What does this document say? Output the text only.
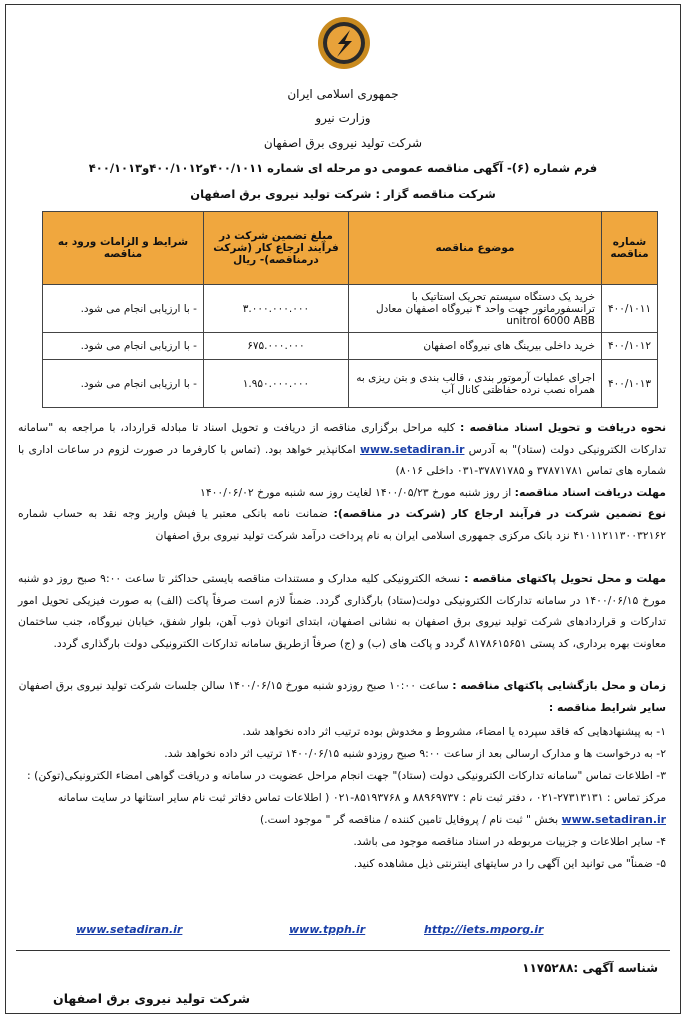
جمهوری اسلامی ایران
وزارت نیرو
شرکت تولید نیروی برق اصفهان
فرم شماره (۶)- آگهی مناقصه عمومی دو مرحله ای شماره ۴۰۰/۱۰۱۱و۴۰۰/۱۰۱۲و۴۰۰/۱۰۱۳
شرکت مناقصه گزار : شرکت تولید نیروی برق اصفهان
شماره مناقصه	موضوع مناقصه	مبلغ تضمین شرکت در فرآیند ارجاع کار (شرکت درمناقصه)- ریال	شرایط و الزامات ورود به مناقصه
۴۰۰/۱۰۱۱	خرید یک دستگاه سیستم تحریک استاتیک با ترانسفورماتور جهت واحد ۴ نیروگاه اصفهان معادل unitrol 6000 ABB	۳.۰۰۰.۰۰۰.۰۰۰	- با ارزیابی انجام می شود.
۴۰۰/۱۰۱۲	خرید داخلی بیرینگ های نیروگاه اصفهان	۶۷۵.۰۰۰.۰۰۰	- با ارزیابی انجام می شود.
۴۰۰/۱۰۱۳	اجرای عملیات آرموتور بندی ، قالب بندی و بتن ریزی به همراه نصب نرده حفاظتی کانال آب	۱.۹۵۰.۰۰۰.۰۰۰	- با ارزیابی انجام می شود.
نحوه دریافت و تحویل اسناد مناقصه : کلیه مراحل برگزاری مناقصه از دریافت و تحویل اسناد تا مبادله قرارداد، با مراجعه به "سامانه تدارکات الکترونیکی دولت (ستاد)" به آدرس www.setadiran.ir امکانپذیر خواهد بود. (تماس با کارفرما در صورت لزوم در ساعات اداری با شماره های تماس ۳۷۸۷۱۷۸۱ و ۳۷۸۷۱۷۸۵-۰۳۱ داخلی ۸۰۱۶)
مهلت دریافت اسناد مناقصه: از روز شنبه مورخ ۱۴۰۰/۰۵/۲۳ لغایت روز سه شنبه مورخ ۱۴۰۰/۰۶/۰۲
نوع تضمین شرکت در فرآیند ارجاع کار (شرکت در مناقصه): ضمانت نامه بانکی معتبر یا فیش واریز وجه نقد به حساب شماره ۴۱۰۱۱۲۱۱۳۰۰۳۲۱۶۲ نزد بانک مرکزی جمهوری اسلامی ایران به نام پرداخت درآمد شرکت تولید نیروی برق اصفهان
مهلت و محل تحویل پاکتهای مناقصه : نسخه الکترونیکی کلیه مدارک و مستندات مناقصه بایستی حداکثر تا ساعت ۹:۰۰ صبح روز دو شنبه مورخ ۱۴۰۰/۰۶/۱۵ در سامانه تدارکات الکترونیکی دولت(ستاد) بارگذاری گردد. ضمناً لازم است صرفاً پاکت (الف) به صورت فیزیکی تحویل امور تدارکات و قراردادهای شرکت تولید نیروی برق اصفهان به نشانی اصفهان، ابتدای اتوبان ذوب آهن، بلوار شفق، خیابان نیروگاه، جنب ساختمان معاونت بهره برداری، کد پستی ۸۱۷۸۶۱۵۶۵۱ گردد و پاکت های (ب) و (ج) صرفاً ازطریق سامانه تدارکات الکترونیکی دولت بارگذاری گردد.
زمان و محل بازگشایی پاکتهای مناقصه : ساعت ۱۰:۰۰ صبح روزدو شنبه مورخ ۱۴۰۰/۰۶/۱۵ سالن جلسات شرکت تولید نیروی برق اصفهان
سایر شرایط مناقصه :
۱- به پیشنهادهایی که فاقد سپرده یا امضاء، مشروط و مخدوش بوده ترتیب اثر داده نخواهد شد.
۲- به درخواست ها و مدارک ارسالی بعد از ساعت ۹:۰۰ صبح روزدو شنبه ۱۴۰۰/۰۶/۱۵ ترتیب اثر داده نخواهد شد.
۳- اطلاعات تماس "سامانه تدارکات الکترونیکی دولت (ستاد)" جهت انجام مراحل عضویت در سامانه و دریافت گواهی امضاء الکترونیکی(توکن) : مرکز تماس : ۲۷۳۱۳۱۳۱-۰۲۱ ، دفتر ثبت نام : ۸۸۹۶۹۷۳۷ و ۸۵۱۹۳۷۶۸-۰۲۱ ( اطلاعات تماس دفاتر ثبت نام سایر استانها در سایت سامانه www.setadiran.ir بخش " ثبت نام / پروفایل تامین کننده / مناقصه گر " موجود است.)
۴- سایر اطلاعات و جزییات مربوطه در اسناد مناقصه موجود می باشد.
۵- ضمناً" می توانید این آگهی را در سایتهای اینترنتی ذیل مشاهده کنید.
www.setadiran.ir	www.tpph.ir	http://iets.mporg.ir
شناسه آگهی :۱۱۷۵۲۸۸
شرکت تولید نیروی برق اصفهان
